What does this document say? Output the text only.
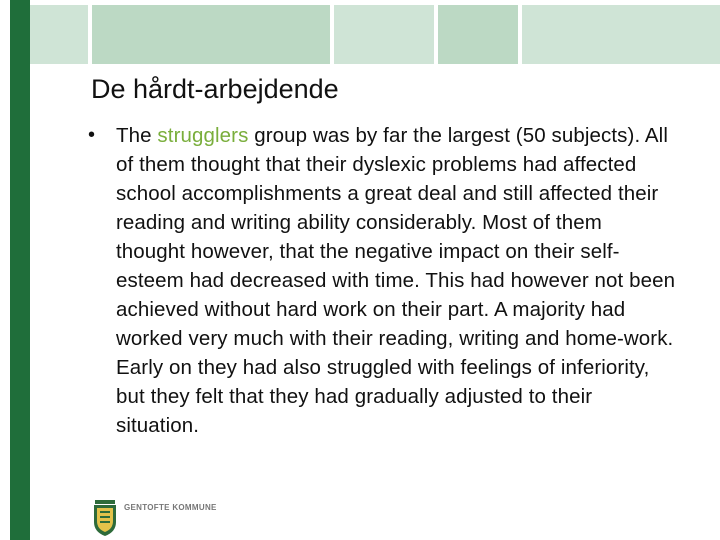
De hårdt-arbejdende
•	The strugglers group was by far the largest (50 subjects). All of them thought that their dyslexic problems had affected school accomplishments a great deal and still affected their reading and writing ability considerably. Most of them thought however, that the negative impact on their self-esteem had decreased with time. This had however not been achieved without hard work on their part. A majority had worked very much with their reading, writing and home-work. Early on they had also struggled with feelings of inferiority, but they felt that they had gradually adjusted to their situation.
GENTOFTE KOMMUNE
